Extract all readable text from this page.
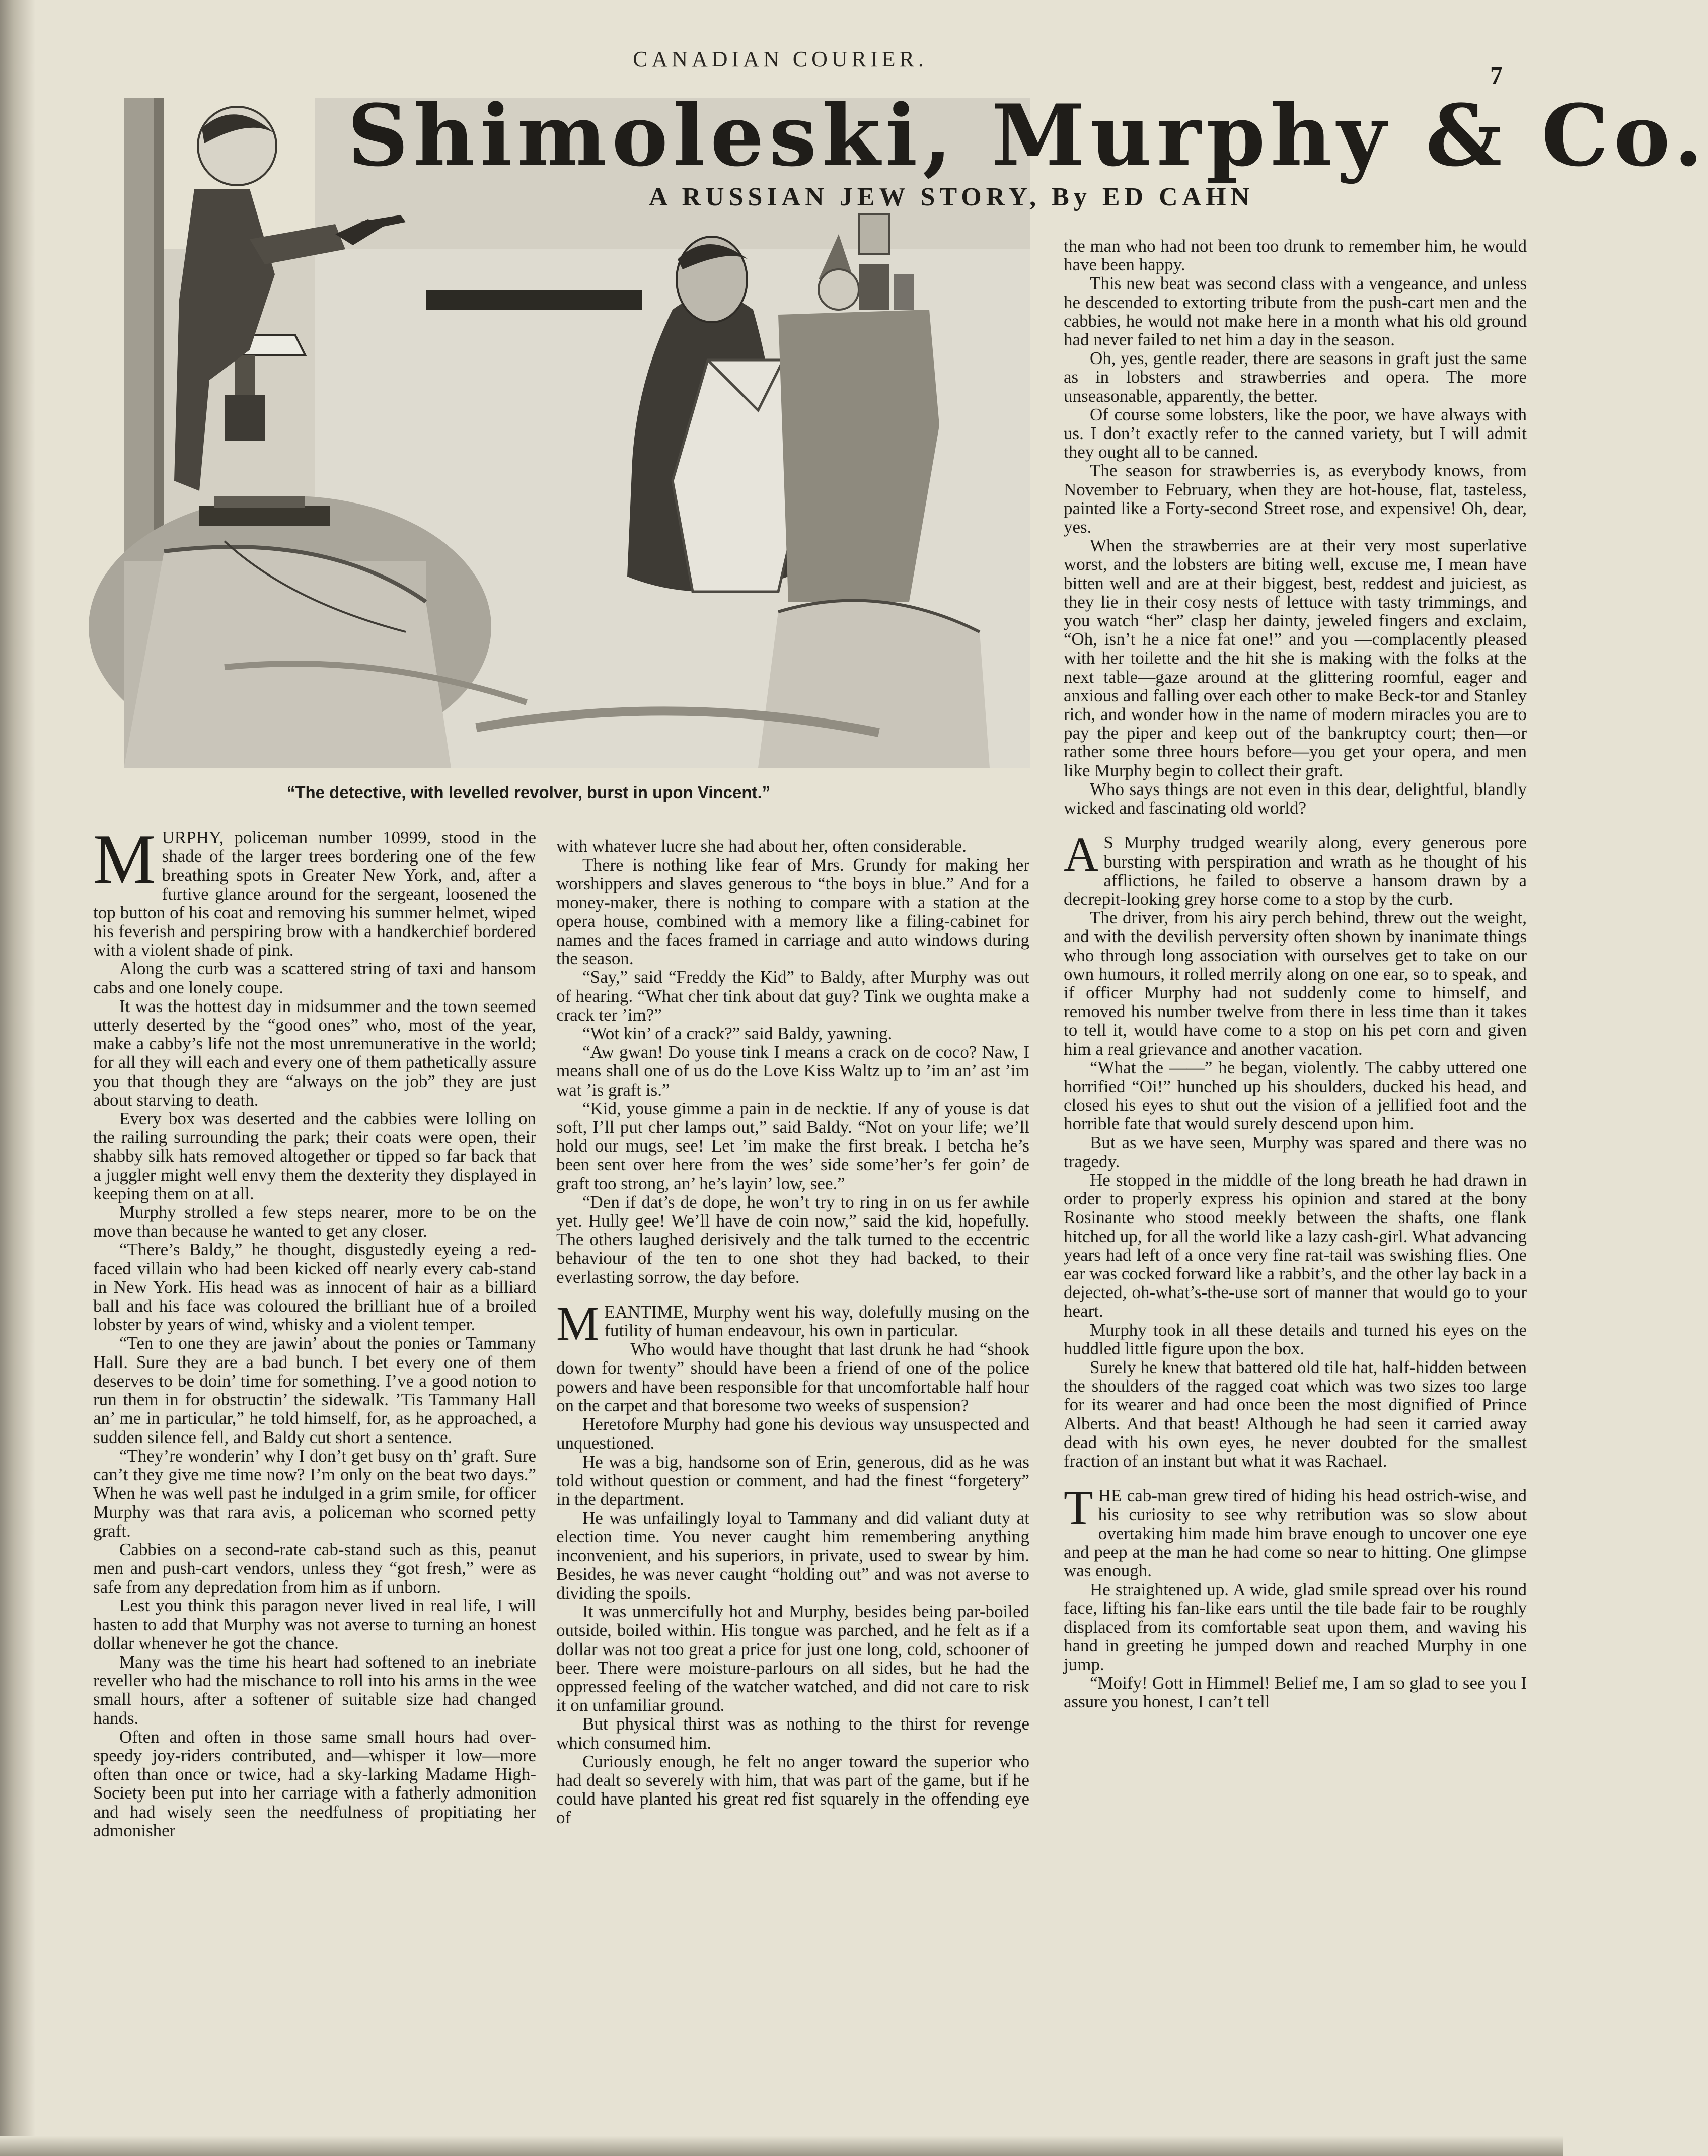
CANADIAN COURIER.
7
Shimoleski, Murphy & Co.
A RUSSIAN JEW STORY, By ED CAHN
“The detective, with levelled revolver, burst in upon Vincent.”

MURPHY, policeman number 10999, stood in the shade of the larger trees bordering one of the few breathing spots in Greater New York, and, after a furtive glance around for the sergeant, loosened the top button of his coat and removing his summer helmet, wiped his feverish and perspiring brow with a handkerchief bordered with a violent shade of pink.

Along the curb was a scattered string of taxi and hansom cabs and one lonely coupe.

It was the hottest day in midsummer and the town seemed utterly deserted by the “good ones” who, most of the year, make a cabby’s life not the most unremunerative in the world; for all they will each and every one of them pathetically assure you that though they are “always on the job” they are just about starving to death.

Every box was deserted and the cabbies were lolling on the railing surrounding the park; their coats were open, their shabby silk hats removed altogether or tipped so far back that a juggler might well envy them the dexterity they displayed in keeping them on at all.

Murphy strolled a few steps nearer, more to be on the move than because he wanted to get any closer.

“There’s Baldy,” he thought, disgustedly eyeing a red-faced villain who had been kicked off nearly every cab-stand in New York. His head was as innocent of hair as a billiard ball and his face was coloured the brilliant hue of a broiled lobster by years of wind, whisky and a violent temper.

“Ten to one they are jawin’ about the ponies or Tammany Hall. Sure they are a bad bunch. I bet every one of them deserves to be doin’ time for something. I’ve a good notion to run them in for obstructin’ the sidewalk. ’Tis Tammany Hall an’ me in particular,” he told himself, for, as he approached, a sudden silence fell, and Baldy cut short a sentence.

“They’re wonderin’ why I don’t get busy on th’ graft. Sure can’t they give me time now? I’m only on the beat two days.” When he was well past he indulged in a grim smile, for officer Murphy was that rara avis, a policeman who scorned petty graft.

Cabbies on a second-rate cab-stand such as this, peanut men and push-cart vendors, unless they “got fresh,” were as safe from any depredation from him as if unborn.

Lest you think this paragon never lived in real life, I will hasten to add that Murphy was not averse to turning an honest dollar whenever he got the chance.

Many was the time his heart had softened to an inebriate reveller who had the mischance to roll into his arms in the wee small hours, after a softener of suitable size had changed hands.

Often and often in those same small hours had over-speedy joy-riders contributed, and—whisper it low—more often than once or twice, had a sky-larking Madame High-Society been put into her carriage with a fatherly admonition and had wisely seen the needfulness of propitiating her admonisher

with whatever lucre she had about her, often considerable.

There is nothing like fear of Mrs. Grundy for making her worshippers and slaves generous to “the boys in blue.” And for a money-maker, there is nothing to compare with a station at the opera house, combined with a memory like a filing-cabinet for names and the faces framed in carriage and auto windows during the season.

“Say,” said “Freddy the Kid” to Baldy, after Murphy was out of hearing. “What cher tink about dat guy? Tink we oughta make a crack ter ’im?”

“Wot kin’ of a crack?” said Baldy, yawning.

“Aw gwan! Do youse tink I means a crack on de coco? Naw, I means shall one of us do the Love Kiss Waltz up to ’im an’ ast ’im wat ’is graft is.”

“Kid, youse gimme a pain in de necktie. If any of youse is dat soft, I’ll put cher lamps out,” said Baldy. “Not on your life; we’ll hold our mugs, see! Let ’im make the first break. I betcha he’s been sent over here from the wes’ side some’her’s fer goin’ de graft too strong, an’ he’s layin’ low, see.”

“Den if dat’s de dope, he won’t try to ring in on us fer awhile yet. Hully gee! We’ll have de coin now,” said the kid, hopefully. The others laughed derisively and the talk turned to the eccentric behaviour of the ten to one shot they had backed, to their everlasting sorrow, the day before.

MEANTIME, Murphy went his way, dolefully musing on the futility of human endeavour, his own in particular.

Who would have thought that last drunk he had “shook down for twenty” should have been a friend of one of the police powers and have been responsible for that uncomfortable half hour on the carpet and that boresome two weeks of suspension?

Heretofore Murphy had gone his devious way unsuspected and unquestioned.

He was a big, handsome son of Erin, generous, did as he was told without question or comment, and had the finest “forgetery” in the department.

He was unfailingly loyal to Tammany and did valiant duty at election time. You never caught him remembering anything inconvenient, and his superiors, in private, used to swear by him. Besides, he was never caught “holding out” and was not averse to dividing the spoils.

It was unmercifully hot and Murphy, besides being par-boiled outside, boiled within. His tongue was parched, and he felt as if a dollar was not too great a price for just one long, cold, schooner of beer. There were moisture-parlours on all sides, but he had the oppressed feeling of the watcher watched, and did not care to risk it on unfamiliar ground.

But physical thirst was as nothing to the thirst for revenge which consumed him.

Curiously enough, he felt no anger toward the superior who had dealt so severely with him, that was part of the game, but if he could have planted his great red fist squarely in the offending eye of

the man who had not been too drunk to remember him, he would have been happy.

This new beat was second class with a vengeance, and unless he descended to extorting tribute from the push-cart men and the cabbies, he would not make here in a month what his old ground had never failed to net him a day in the season.

Oh, yes, gentle reader, there are seasons in graft just the same as in lobsters and strawberries and opera. The more unseasonable, apparently, the better.

Of course some lobsters, like the poor, we have always with us. I don’t exactly refer to the canned variety, but I will admit they ought all to be canned.

The season for strawberries is, as everybody knows, from November to February, when they are hot-house, flat, tasteless, painted like a Forty-second Street rose, and expensive! Oh, dear, yes.

When the strawberries are at their very most superlative worst, and the lobsters are biting well, excuse me, I mean have bitten well and are at their biggest, best, reddest and juiciest, as they lie in their cosy nests of lettuce with tasty trimmings, and you watch “her” clasp her dainty, jeweled fingers and exclaim, “Oh, isn’t he a nice fat one!” and you —complacently pleased with her toilette and the hit she is making with the folks at the next table—gaze around at the glittering roomful, eager and anxious and falling over each other to make Beck-tor and Stanley rich, and wonder how in the name of modern miracles you are to pay the piper and keep out of the bankruptcy court; then—or rather some three hours before—you get your opera, and men like Murphy begin to collect their graft.

Who says things are not even in this dear, delightful, blandly wicked and fascinating old world?

A S Murphy trudged wearily along, every generous pore bursting with perspiration and wrath as he thought of his afflictions, he failed to observe a hansom drawn by a decrepit-looking grey horse come to a stop by the curb.

The driver, from his airy perch behind, threw out the weight, and with the devilish perversity often shown by inanimate things who through long association with ourselves get to take on our own humours, it rolled merrily along on one ear, so to speak, and if officer Murphy had not suddenly come to himself, and removed his number twelve from there in less time than it takes to tell it, would have come to a stop on his pet corn and given him a real grievance and another vacation.

“What the ——” he began, violently. The cabby uttered one horrified “Oi!” hunched up his shoulders, ducked his head, and closed his eyes to shut out the vision of a jellified foot and the horrible fate that would surely descend upon him.

But as we have seen, Murphy was spared and there was no tragedy.

He stopped in the middle of the long breath he had drawn in order to properly express his opinion and stared at the bony Rosinante who stood meekly between the shafts, one flank hitched up, for all the world like a lazy cash-girl. What advancing years had left of a once very fine rat-tail was swishing flies. One ear was cocked forward like a rabbit’s, and the other lay back in a dejected, oh-what’s-the-use sort of manner that would go to your heart.

Murphy took in all these details and turned his eyes on the huddled little figure upon the box.

Surely he knew that battered old tile hat, half-hidden between the shoulders of the ragged coat which was two sizes too large for its wearer and had once been the most dignified of Prince Alberts. And that beast! Although he had seen it carried away dead with his own eyes, he never doubted for the smallest fraction of an instant but what it was Rachael.

THE cab-man grew tired of hiding his head ostrich-wise, and his curiosity to see why retribution was so slow about overtaking him made him brave enough to uncover one eye and peep at the man he had come so near to hitting. One glimpse was enough.

He straightened up. A wide, glad smile spread over his round face, lifting his fan-like ears until the tile bade fair to be roughly displaced from its comfortable seat upon them, and waving his hand in greeting he jumped down and reached Murphy in one jump.

“Moify! Gott in Himmel! Belief me, I am so glad to see you I assure you honest, I can’t tell
